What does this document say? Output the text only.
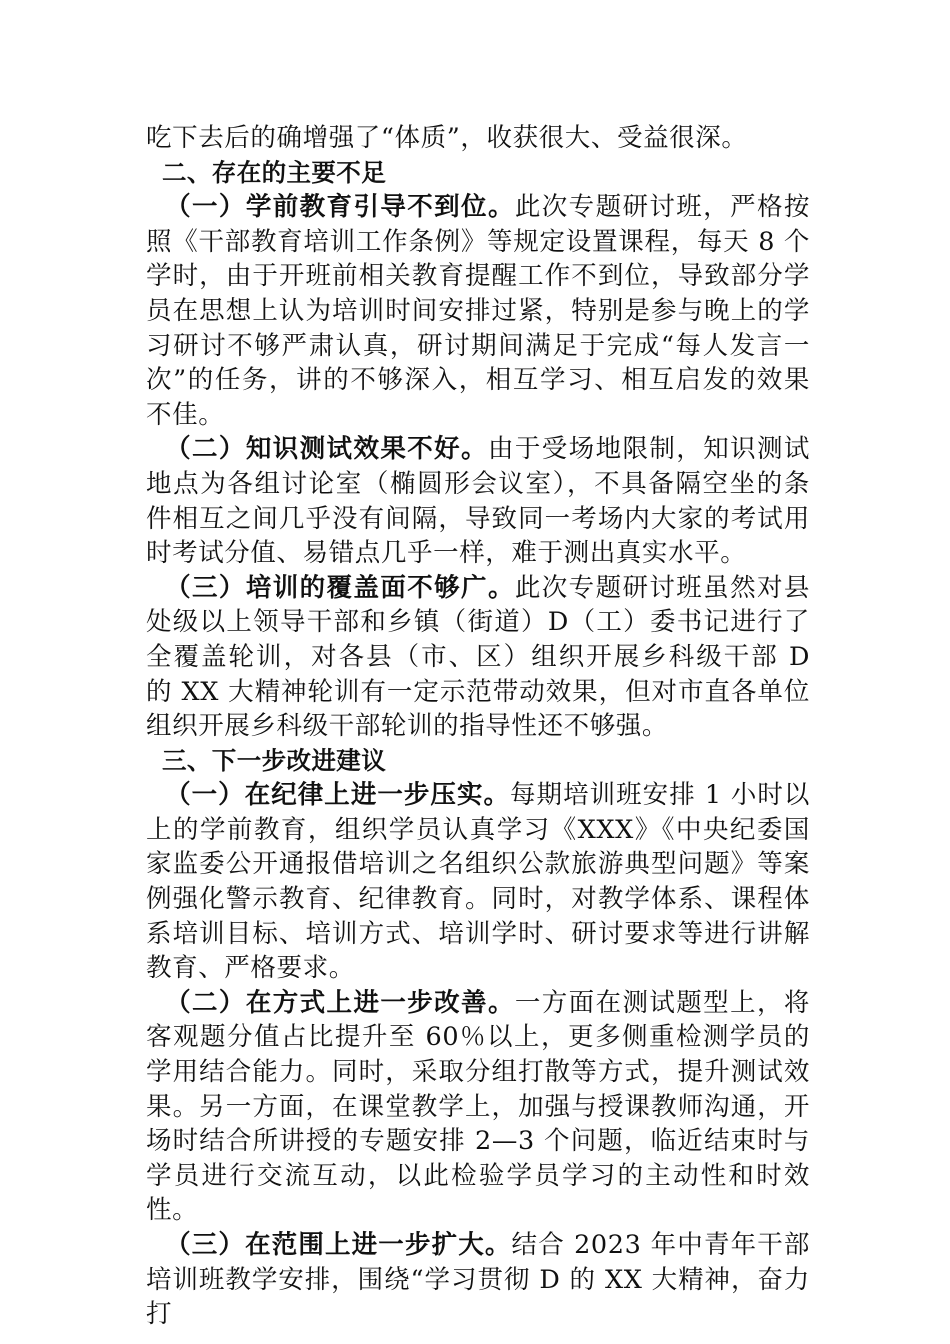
吃下去后的确增强了“体质”，收获很大、受益很深。

二、存在的主要不足

（一）学前教育引导不到位。此次专题研讨班，严格按照《干部教育培训工作条例》等规定设置课程，每天 8 个学时，由于开班前相关教育提醒工作不到位，导致部分学员在思想上认为培训时间安排过紧，特别是参与晚上的学习研讨不够严肃认真，研讨期间满足于完成“每人发言一次”的任务，讲的不够深入，相互学习、相互启发的效果不佳。

（二）知识测试效果不好。由于受场地限制，知识测试地点为各组讨论室（椭圆形会议室），不具备隔空坐的条件相互之间几乎没有间隔，导致同一考场内大家的考试用时考试分值、易错点几乎一样，难于测出真实水平。

（三）培训的覆盖面不够广。此次专题研讨班虽然对县处级以上领导干部和乡镇（街道）D（工）委书记进行了全覆盖轮训，对各县（市、区）组织开展乡科级干部 D 的 XX 大精神轮训有一定示范带动效果，但对市直各单位组织开展乡科级干部轮训的指导性还不够强。

三、下一步改进建议

（一）在纪律上进一步压实。每期培训班安排 1 小时以上的学前教育，组织学员认真学习《XXX》《中央纪委国家监委公开通报借培训之名组织公款旅游典型问题》等案例强化警示教育、纪律教育。同时，对教学体系、课程体系培训目标、培训方式、培训学时、研讨要求等进行讲解教育、严格要求。

（二）在方式上进一步改善。一方面在测试题型上，将客观题分值占比提升至 60％以上，更多侧重检测学员的学用结合能力。同时，采取分组打散等方式，提升测试效果。另一方面，在课堂教学上，加强与授课教师沟通，开场时结合所讲授的专题安排 2—3 个问题，临近结束时与学员进行交流互动，以此检验学员学习的主动性和时效性。

（三）在范围上进一步扩大。结合 2023 年中青年干部培训班教学安排，围绕“学习贯彻 D 的 XX 大精神，奋力打
